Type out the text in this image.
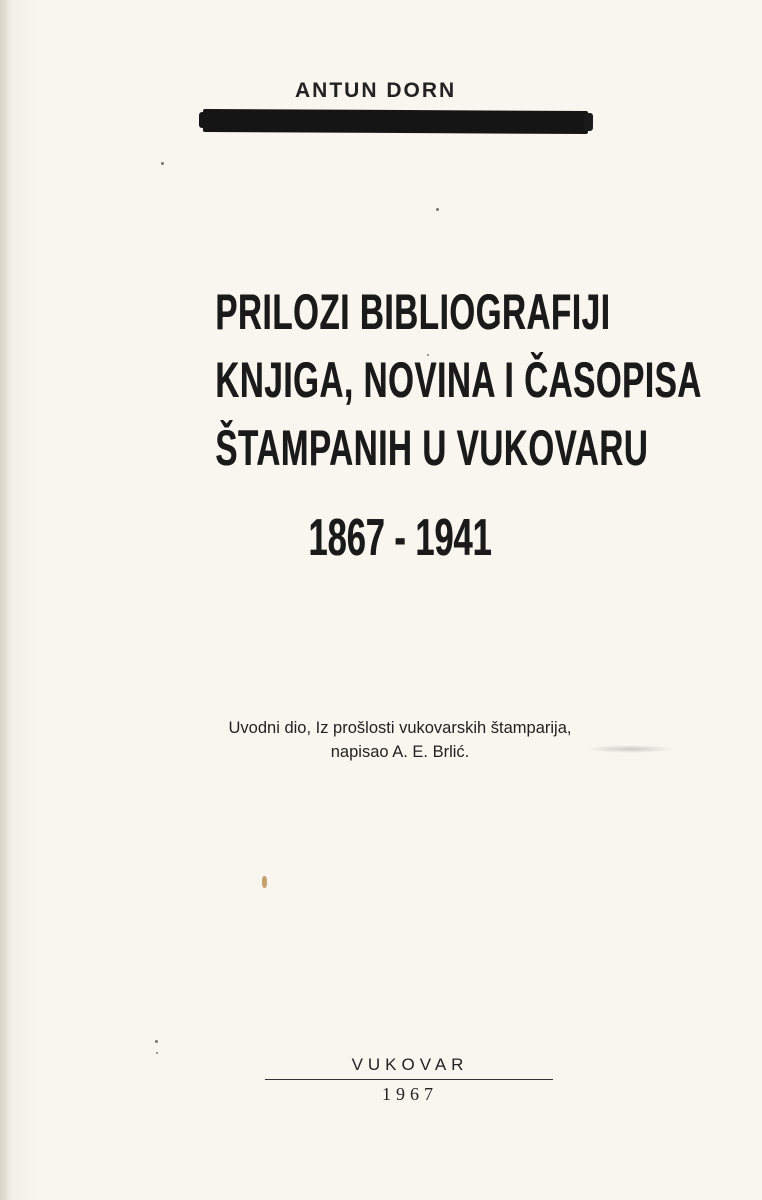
ANTUN DORN
PRILOZI BIBLIOGRAFIJI
KNJIGA, NOVINA I ČASOPISA
ŠTAMPANIH U VUKOVARU
1867 - 1941
Uvodni dio, Iz prošlosti vukovarskih štamparija,
napisao A. E. Brlić.
VUKOVAR
1967
